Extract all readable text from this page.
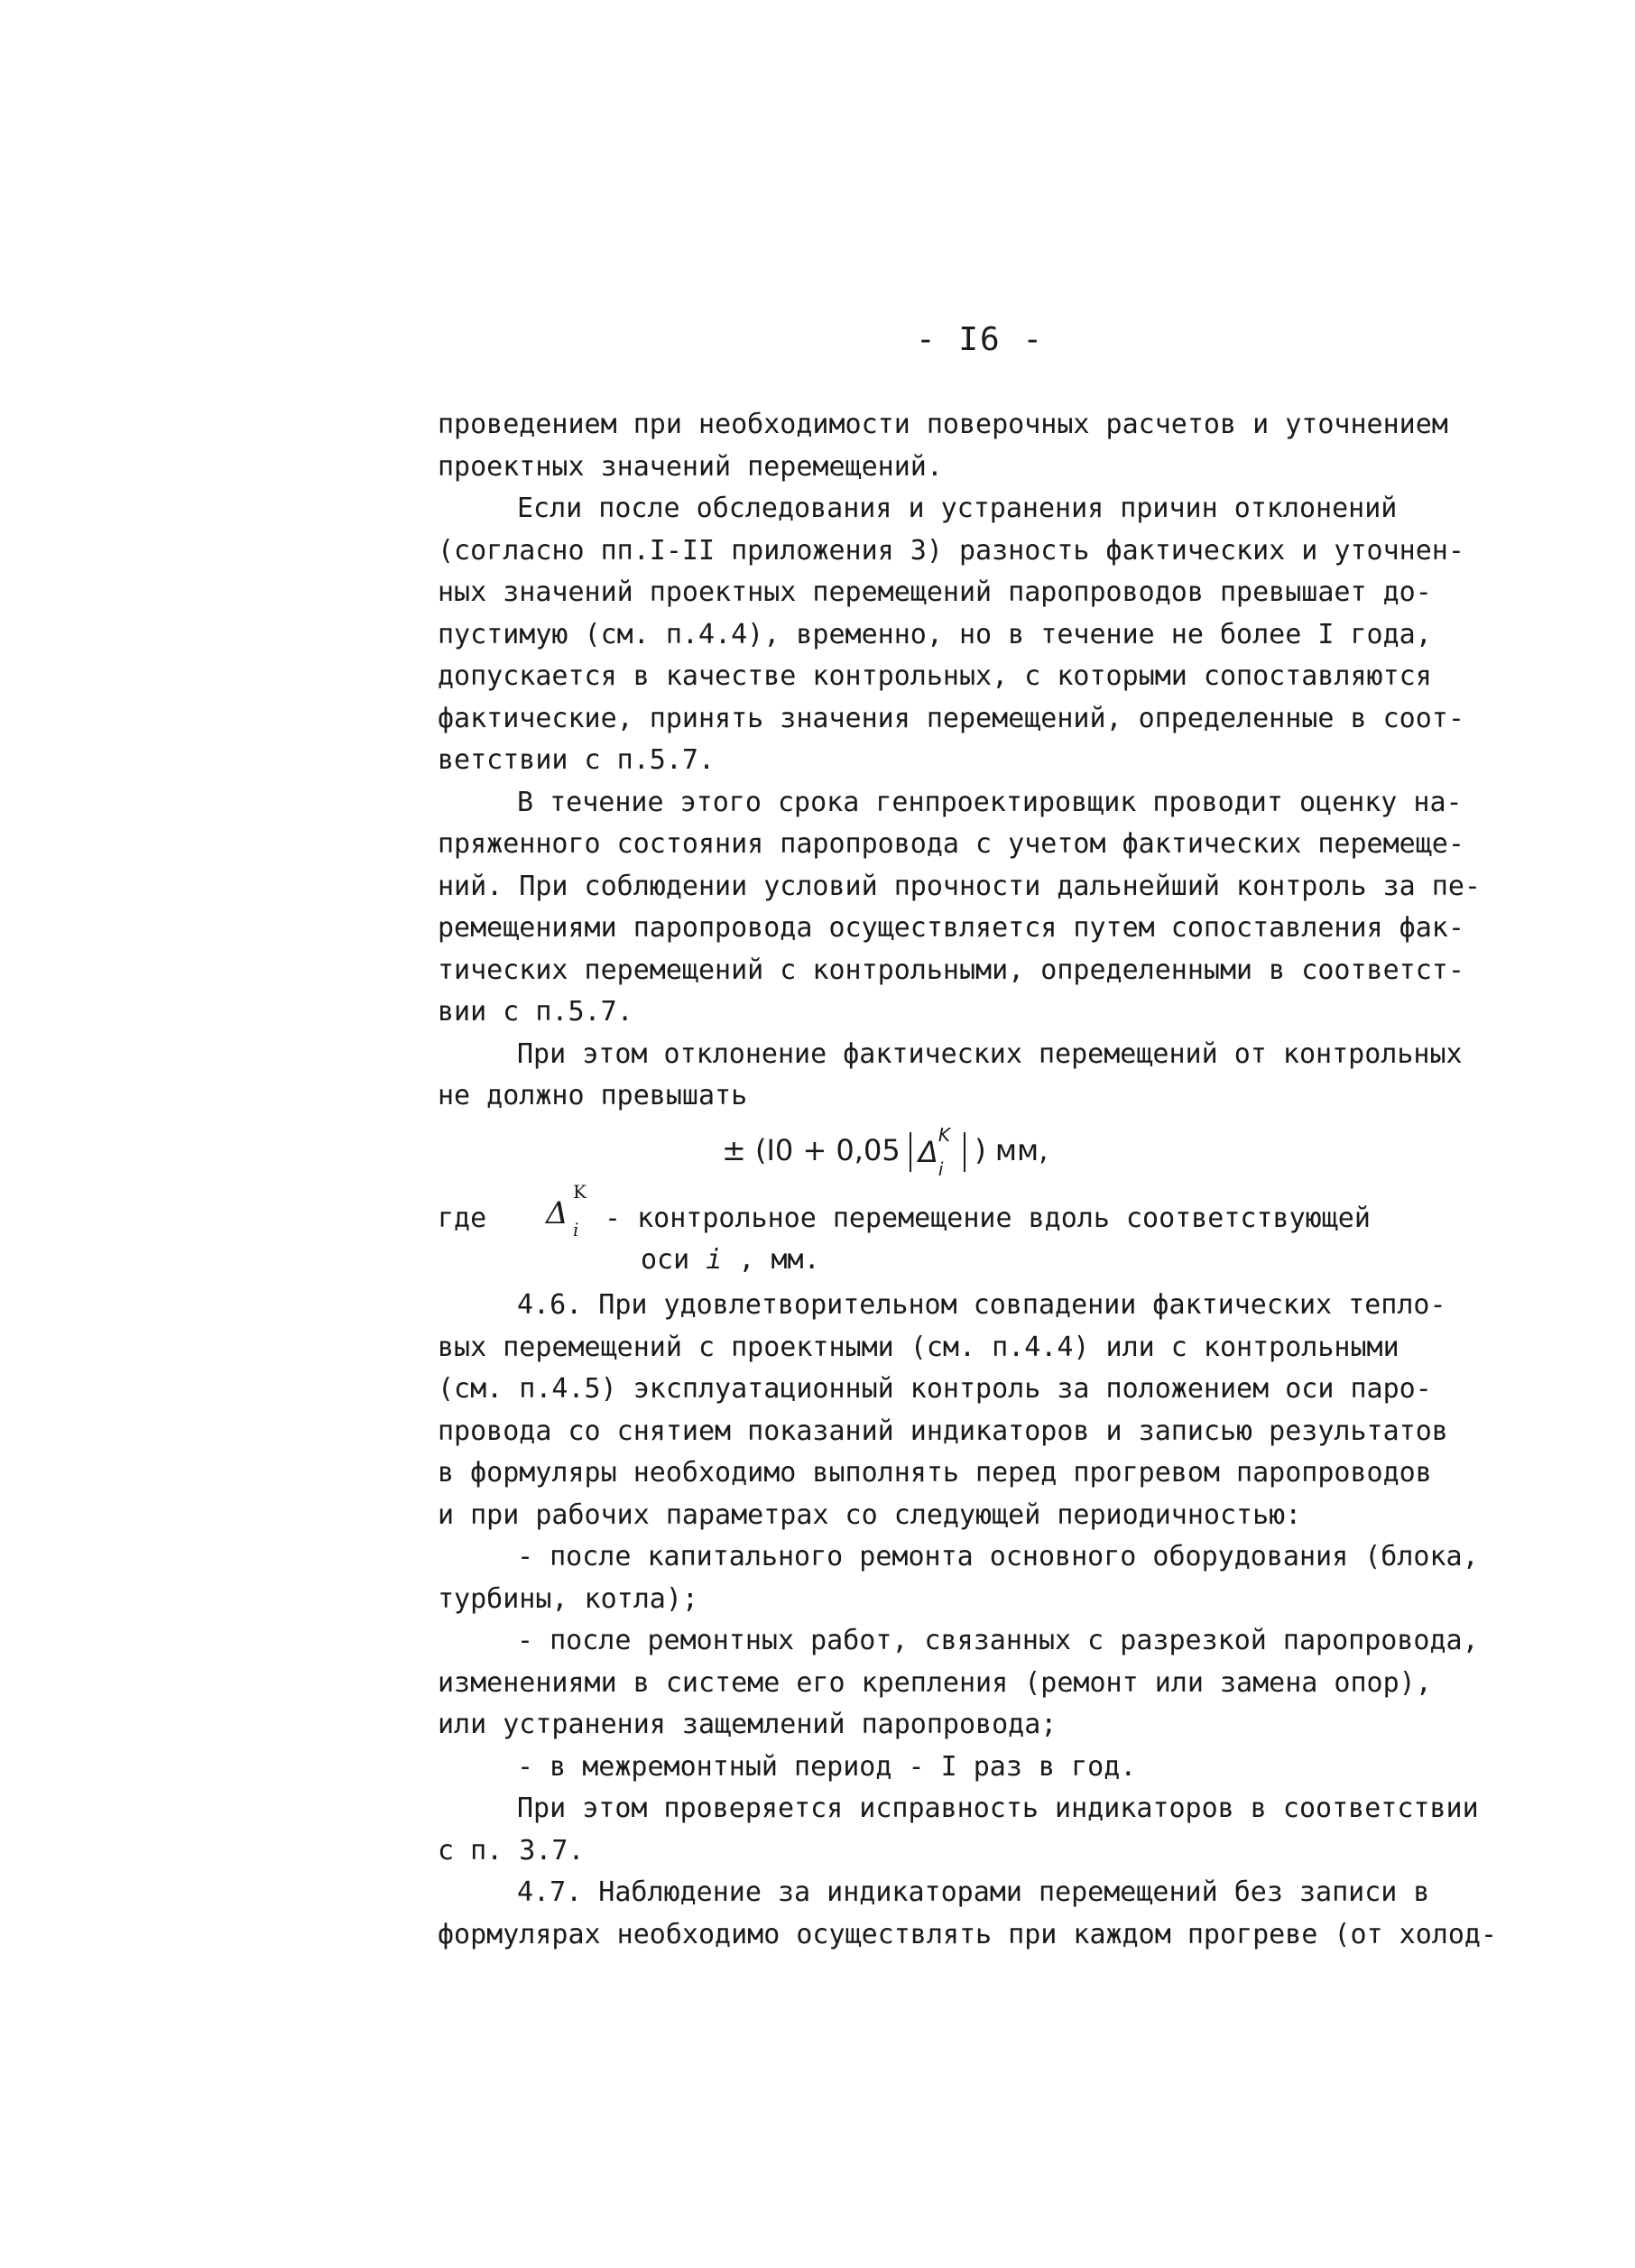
- I6 -
проведением при необходимости поверочных расчетов и уточнением
проектных значений перемещений.
Если после обследования и устранения причин отклонений
(согласно пп.I-II приложения 3) разность фактических и уточнен-
ных значений проектных перемещений паропроводов превышает до-
пустимую (см. п.4.4), временно, но в течение не более I года,
допускается в качестве контрольных, с которыми сопоставляются
фактические, принять значения перемещений, определенные в соот-
ветствии с п.5.7.
В течение этого срока генпроектировщик проводит оценку на-
пряженного состояния паропровода с учетом фактических перемеще-
ний. При соблюдении условий прочности дальнейший контроль за пе-
ремещениями паропровода осуществляется путем сопоставления фак-
тических перемещений с контрольными, определенными в соответст-
вии с п.5.7.
При этом отклонение фактических перемещений от контрольных
не должно превышать
± (I0 + 0,05 Δ K
i
) мм,
где Δ
K
i - контрольное перемещение вдоль соответствующей
оси i , мм.
4.6. При удовлетворительном совпадении фактических тепло-
вых перемещений с проектными (см. п.4.4) или с контрольными
(см. п.4.5) эксплуатационный контроль за положением оси паро-
провода со снятием показаний индикаторов и записью результатов
в формуляры необходимо выполнять перед прогревом паропроводов
и при рабочих параметрах со следующей периодичностью:
- после капитального ремонта основного оборудования (блока,
турбины, котла);
- после ремонтных работ, связанных с разрезкой паропровода,
изменениями в системе его крепления (ремонт или замена опор),
или устранения защемлений паропровода;
- в межремонтный период - I раз в год.
При этом проверяется исправность индикаторов в соответствии
с п. 3.7.
4.7. Наблюдение за индикаторами перемещений без записи в
формулярах необходимо осуществлять при каждом прогреве (от холод-
